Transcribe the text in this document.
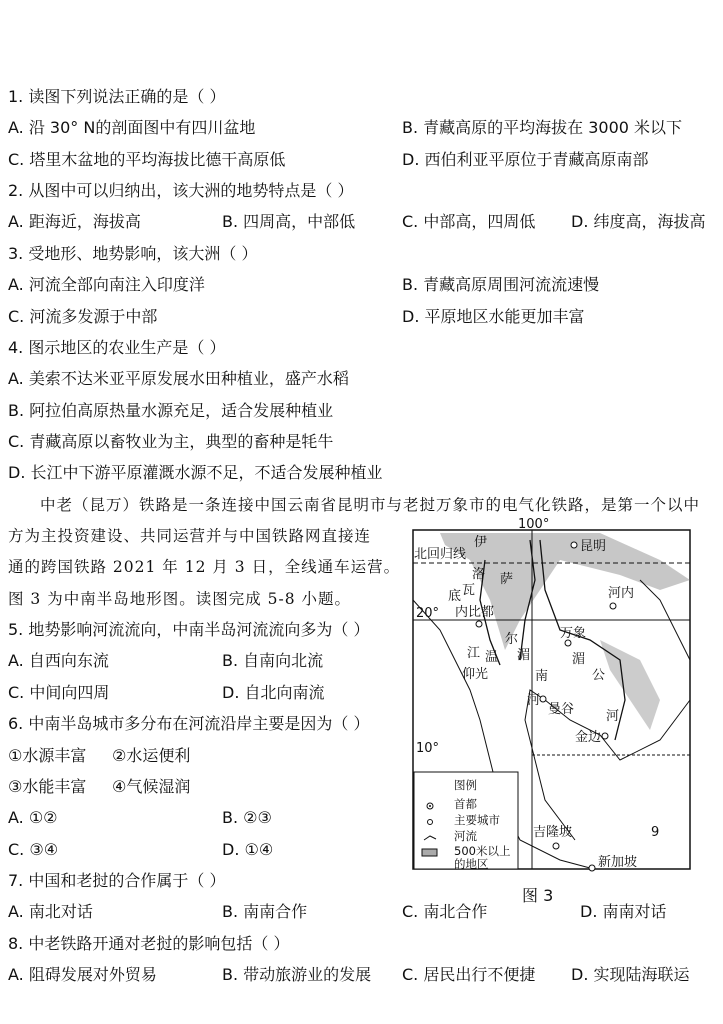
1. 读图下列说法正确的是（ ）
A. 沿 30° N的剖面图中有四川盆地	B. 青藏高原的平均海拔在 3000 米以下
C. 塔里木盆地的平均海拔比德干高原低	D. 西伯利亚平原位于青藏高原南部
2. 从图中可以归纳出，该大洲的地势特点是（ ）
A. 距海近，海拔高	B. 四周高，中部低	C. 中部高，四周低 D. 纬度高，海拔高
3. 受地形、地势影响，该大洲（ ）
A. 河流全部向南注入印度洋	B. 青藏高原周围河流流速慢
C. 河流多发源于中部	D. 平原地区水能更加丰富
4. 图示地区的农业生产是（ ）
A. 美索不达米亚平原发展水田种植业，盛产水稻
B. 阿拉伯高原热量水源充足，适合发展种植业
C. 青藏高原以畜牧业为主，典型的畜种是牦牛
D. 长江中下游平原灌溉水源不足，不适合发展种植业
中老（昆万）铁路是一条连接中国云南省昆明市与老挝万象市的电气化铁路，是第一个以中
方为主投资建设、共同运营并与中国铁路网直接连
通的跨国铁路 2021 年 12 月 3 日，全线通车运营。
图 3 为中南半岛地形图。读图完成 5-8 小题。
5. 地势影响河流流向，中南半岛河流流向多为（ ）
A. 自西向东流	B. 自南向北流
C. 中间向四周	D. 自北向南流
6. 中南半岛城市多分布在河流沿岸主要是因为（ ）
①水源丰富 ②水运便利
③水能丰富 ④气候湿润
A. ①②	B. ②③
C. ③④	D. ①④
7. 中国和老挝的合作属于（ ）
A. 南北对话	B. 南南合作	C. 南北合作	D. 南南对话
8. 中老铁路开通对老挝的影响包括（ ）
A. 阻碍发展对外贸易	B. 带动旅游业的发展 C. 居民出行不便捷 D. 实现陆海联运
100°
20°
10°
北回归线
昆明
河内
万象
内比都
仰光
曼谷
金边
吉隆坡
新加坡
9
伊
洛
瓦
底
江
萨
尔
温 湄
南
河
湄
公
河
图例
首都
主要城市
河流
500米以上
的地区
图 3
